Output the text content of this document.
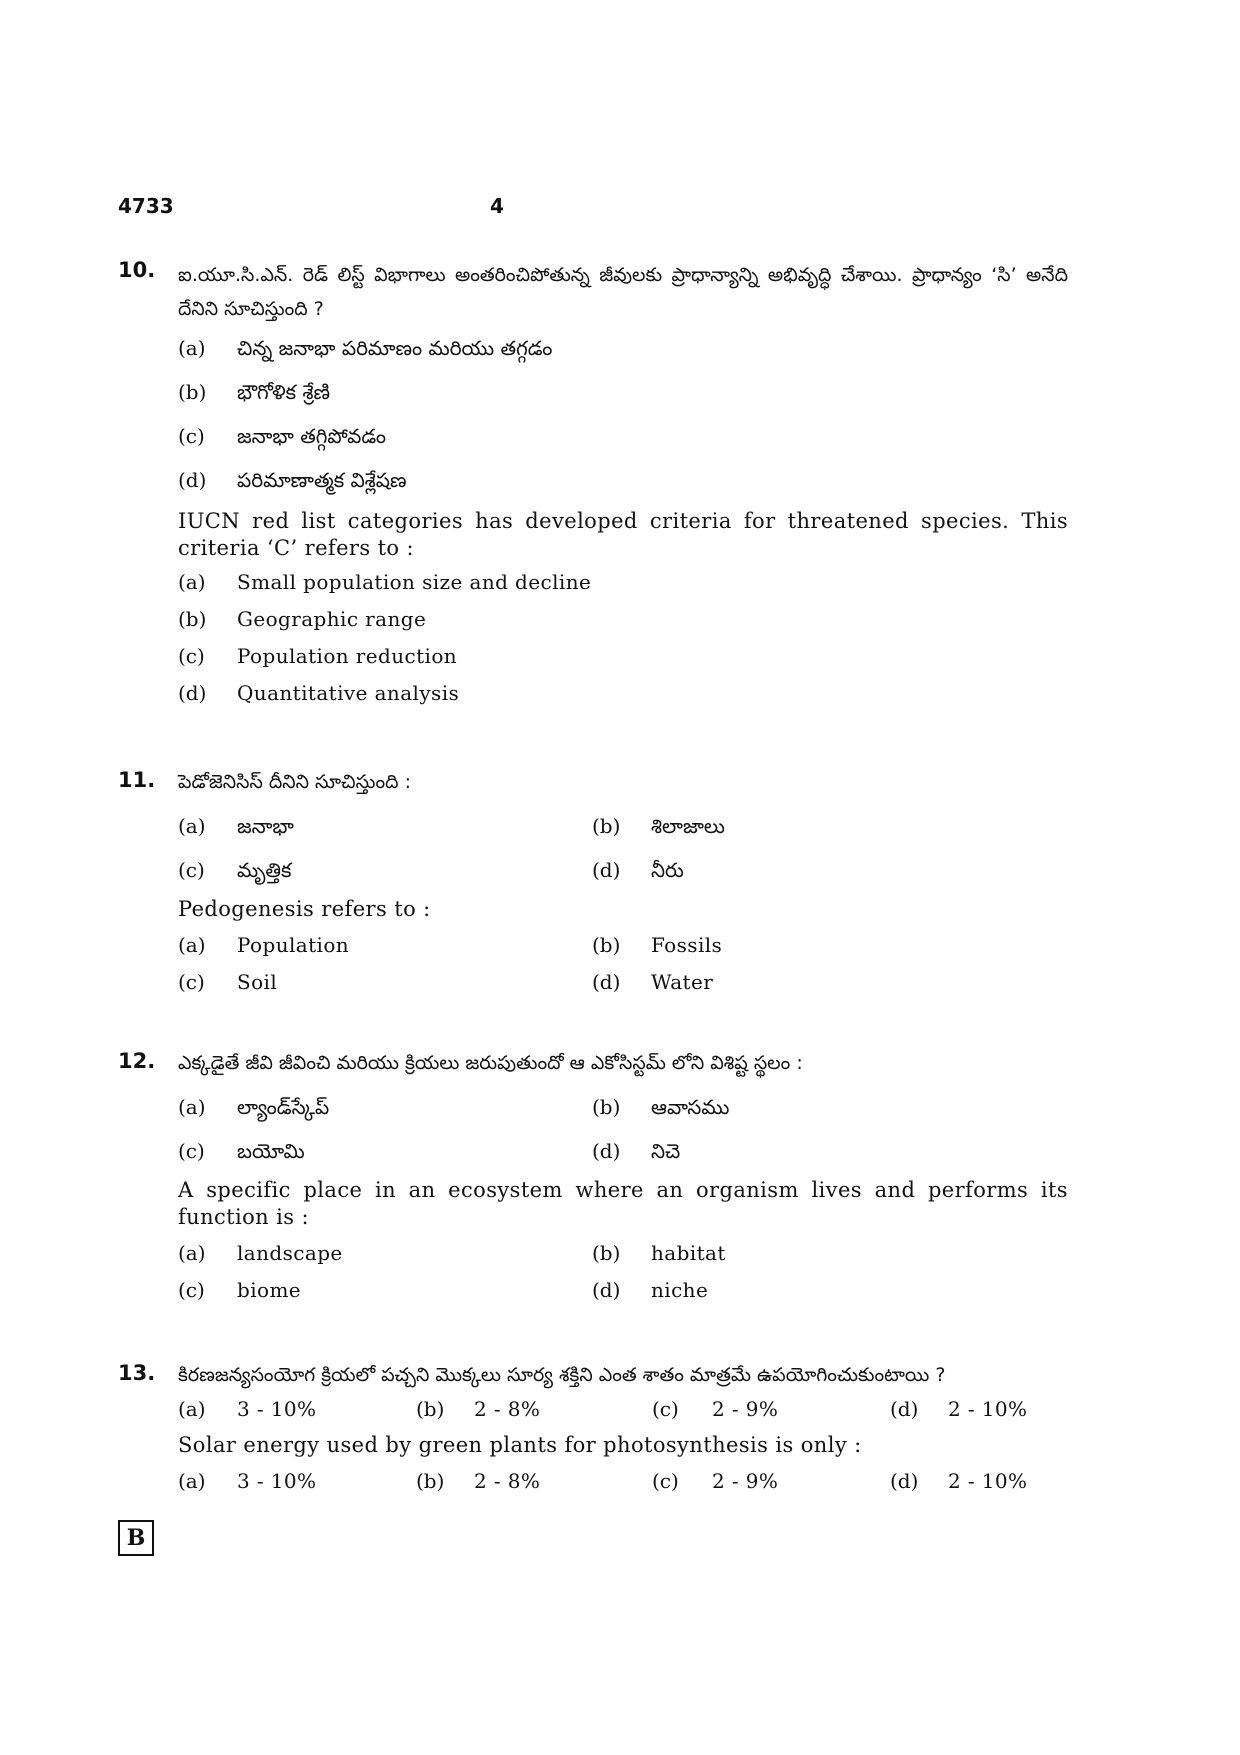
4733	4
10. ఐ.యూ.సి.ఎన్. రెడ్ లిస్ట్ విభాగాలు అంతరించిపోతున్న జీవులకు ప్రాధాన్యాన్ని అభివృద్ధి చేశాయి. ప్రాధాన్యం ‘సి’ అనేది దేనిని సూచిస్తుంది ?
(a) చిన్న జనాభా పరిమాణం మరియు తగ్గడం
(b) భౌగోళిక శ్రేణి
(c) జనాభా తగ్గిపోవడం
(d) పరిమాణాత్మక విశ్లేషణ
IUCN red list categories has developed criteria for threatened species. This criteria ‘C’ refers to :
(a) Small population size and decline
(b) Geographic range
(c) Population reduction
(d) Quantitative analysis
11. పెడోజెనిసిస్ దీనిని సూచిస్తుంది :
(a) జనాభా	(b) శిలాజాలు
(c) మృత్తిక	(d) నీరు
Pedogenesis refers to :
(a) Population	(b) Fossils
(c) Soil	(d) Water
12. ఎక్కడైతే జీవి జీవించి మరియు క్రియలు జరుపుతుందో ఆ ఎకోసిస్టమ్ లోని విశిష్ట స్థలం :
(a) ల్యాండ్‌స్కేప్	(b) ఆవాసము
(c) బయోమి	(d) నిచె
A specific place in an ecosystem where an organism lives and performs its function is :
(a) landscape	(b) habitat
(c) biome	(d) niche
13. కిరణజన్యసంయోగ క్రియలో పచ్చని మొక్కలు సూర్య శక్తిని ఎంత శాతం మాత్రమే ఉపయోగించుకుంటాయి ?
(a) 3 - 10%	(b) 2 - 8%	(c) 2 - 9%	(d) 2 - 10%
Solar energy used by green plants for photosynthesis is only :
(a) 3 - 10%	(b) 2 - 8%	(c) 2 - 9%	(d) 2 - 10%
B
